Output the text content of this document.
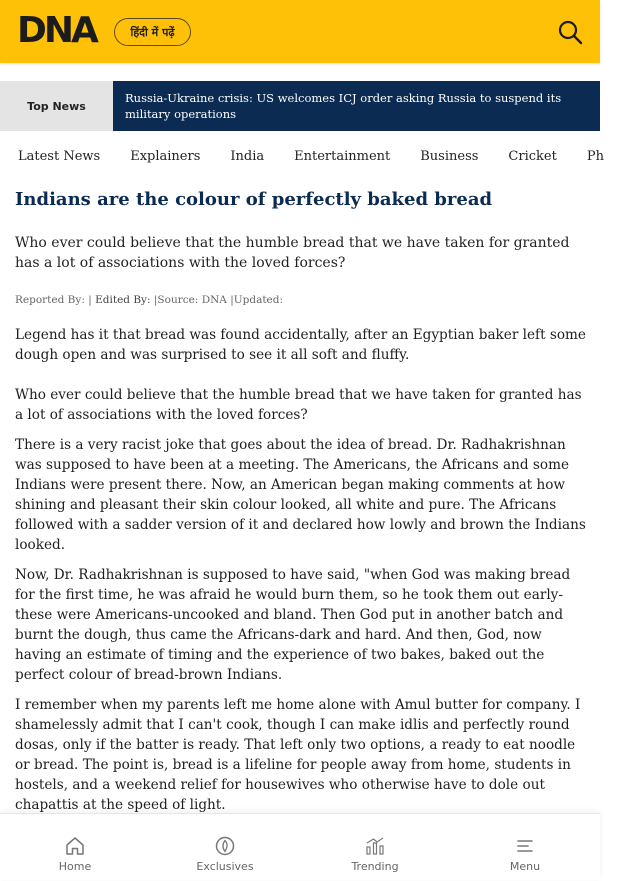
DNA	हिंदी में पढ़ें
Top News
Russia-Ukraine crisis: US welcomes ICJ order asking Russia to suspend its military operations
Latest News Explainers India Entertainment Business Cricket Ph
Indians are the colour of perfectly baked bread
Who ever could believe that the humble bread that we have taken for granted has a lot of associations with the loved forces?
Reported By: | Edited By: |Source: DNA |Updated:

Legend has it that bread was found accidentally, after an Egyptian baker left some dough open and was surprised to see it all soft and fluffy.

Who ever could believe that the humble bread that we have taken for granted has a lot of associations with the loved forces?

There is a very racist joke that goes about the idea of bread. Dr. Radhakrishnan was supposed to have been at a meeting. The Americans, the Africans and some Indians were present there. Now, an American began making comments at how shining and pleasant their skin colour looked, all white and pure. The Africans followed with a sadder version of it and declared how lowly and brown the Indians looked.

Now, Dr. Radhakrishnan is supposed to have said, "when God was making bread for the first time, he was afraid he would burn them, so he took them out early- these were Americans-uncooked and bland. Then God put in another batch and burnt the dough, thus came the Africans-dark and hard. And then, God, now having an estimate of timing and the experience of two bakes, baked out the perfect colour of bread-brown Indians.

I remember when my parents left me home alone with Amul butter for company. I shamelessly admit that I can't cook, though I can make idlis and perfectly round dosas, only if the batter is ready. That left only two options, a ready to eat noodle or bread. The point is, bread is a lifeline for people away from home, students in hostels, and a weekend relief for housewives who otherwise have to dole out chapattis at the speed of light.

Home	Exclusives	Trending	Menu
